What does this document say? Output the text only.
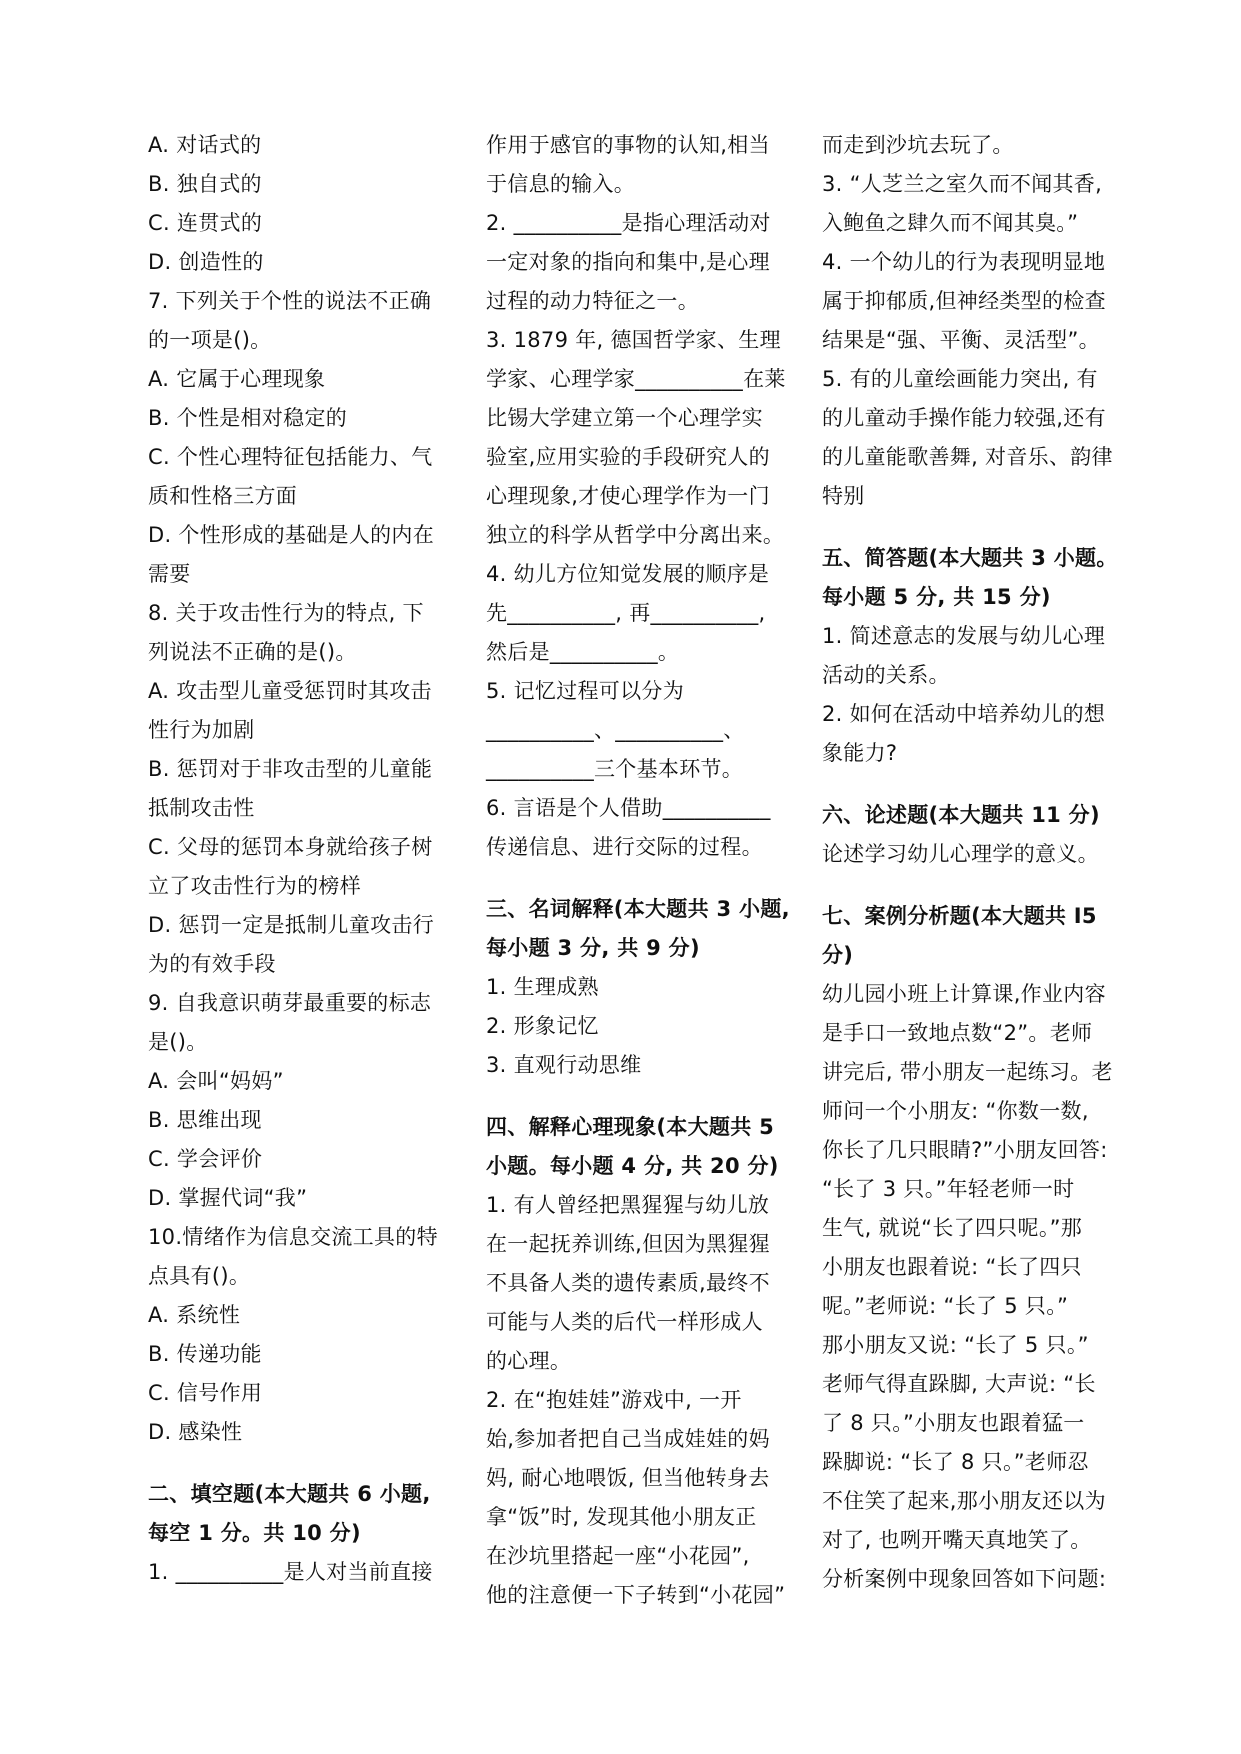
A. 对话式的
B. 独自式的
C. 连贯式的
D. 创造性的
7. 下列关于个性的说法不正确
的一项是()。
A. 它属于心理现象
B. 个性是相对稳定的
C. 个性心理特征包括能力、气
质和性格三方面
D. 个性形成的基础是人的内在
需要
8. 关于攻击性行为的特点, 下
列说法不正确的是()。
A. 攻击型儿童受惩罚时其攻击
性行为加剧
B. 惩罚对于非攻击型的儿童能
抵制攻击性
C. 父母的惩罚本身就给孩子树
立了攻击性行为的榜样
D. 惩罚一定是抵制儿童攻击行
为的有效手段
9. 自我意识萌芽最重要的标志
是()。
A. 会叫“妈妈”
B. 思维出现
C. 学会评价
D. 掌握代词“我”
10.情绪作为信息交流工具的特
点具有()。
A. 系统性
B. 传递功能
C. 信号作用
D. 感染性
二、填空题(本大题共 6 小题,
每空 1 分。共 10 分)
1. __________是人对当前直接
作用于感官的事物的认知,相当
于信息的输入。
2. __________是指心理活动对
一定对象的指向和集中,是心理
过程的动力特征之一。
3. 1879 年, 德国哲学家、生理
学家、心理学家__________在莱
比锡大学建立第一个心理学实
验室,应用实验的手段研究人的
心理现象,才使心理学作为一门
独立的科学从哲学中分离出来。
4. 幼儿方位知觉发展的顺序是
先__________, 再__________,
然后是__________。
5. 记忆过程可以分为
__________、__________、
__________三个基本环节。
6. 言语是个人借助__________
传递信息、进行交际的过程。
三、名词解释(本大题共 3 小题,
每小题 3 分, 共 9 分)
1. 生理成熟
2. 形象记忆
3. 直观行动思维
四、解释心理现象(本大题共 5
小题。每小题 4 分, 共 20 分)
1. 有人曾经把黑猩猩与幼儿放
在一起抚养训练,但因为黑猩猩
不具备人类的遗传素质,最终不
可能与人类的后代一样形成人
的心理。
2. 在“抱娃娃”游戏中, 一开
始,参加者把自己当成娃娃的妈
妈, 耐心地喂饭, 但当他转身去
拿“饭”时, 发现其他小朋友正
在沙坑里搭起一座“小花园”,
他的注意便一下子转到“小花园”
而走到沙坑去玩了。
3. “人芝兰之室久而不闻其香,
入鲍鱼之肆久而不闻其臭。”
4. 一个幼儿的行为表现明显地
属于抑郁质,但神经类型的检查
结果是“强、平衡、灵活型”。
5. 有的儿童绘画能力突出, 有
的儿童动手操作能力较强,还有
的儿童能歌善舞, 对音乐、韵律
特别
五、简答题(本大题共 3 小题。
每小题 5 分, 共 15 分)
1. 简述意志的发展与幼儿心理
活动的关系。
2. 如何在活动中培养幼儿的想
象能力?
六、论述题(本大题共 11 分)
论述学习幼儿心理学的意义。
七、案例分析题(本大题共 I5
分)
幼儿园小班上计算课,作业内容
是手口一致地点数“2”。老师
讲完后, 带小朋友一起练习。老
师问一个小朋友: “你数一数,
你长了几只眼睛?”小朋友回答:
“长了 3 只。”年轻老师一时
生气, 就说“长了四只呢。”那
小朋友也跟着说: “长了四只
呢。”老师说: “长了 5 只。”
那小朋友又说: “长了 5 只。”
老师气得直跺脚, 大声说: “长
了 8 只。”小朋友也跟着猛一
跺脚说: “长了 8 只。”老师忍
不住笑了起来,那小朋友还以为
对了, 也咧开嘴天真地笑了。
分析案例中现象回答如下问题:
